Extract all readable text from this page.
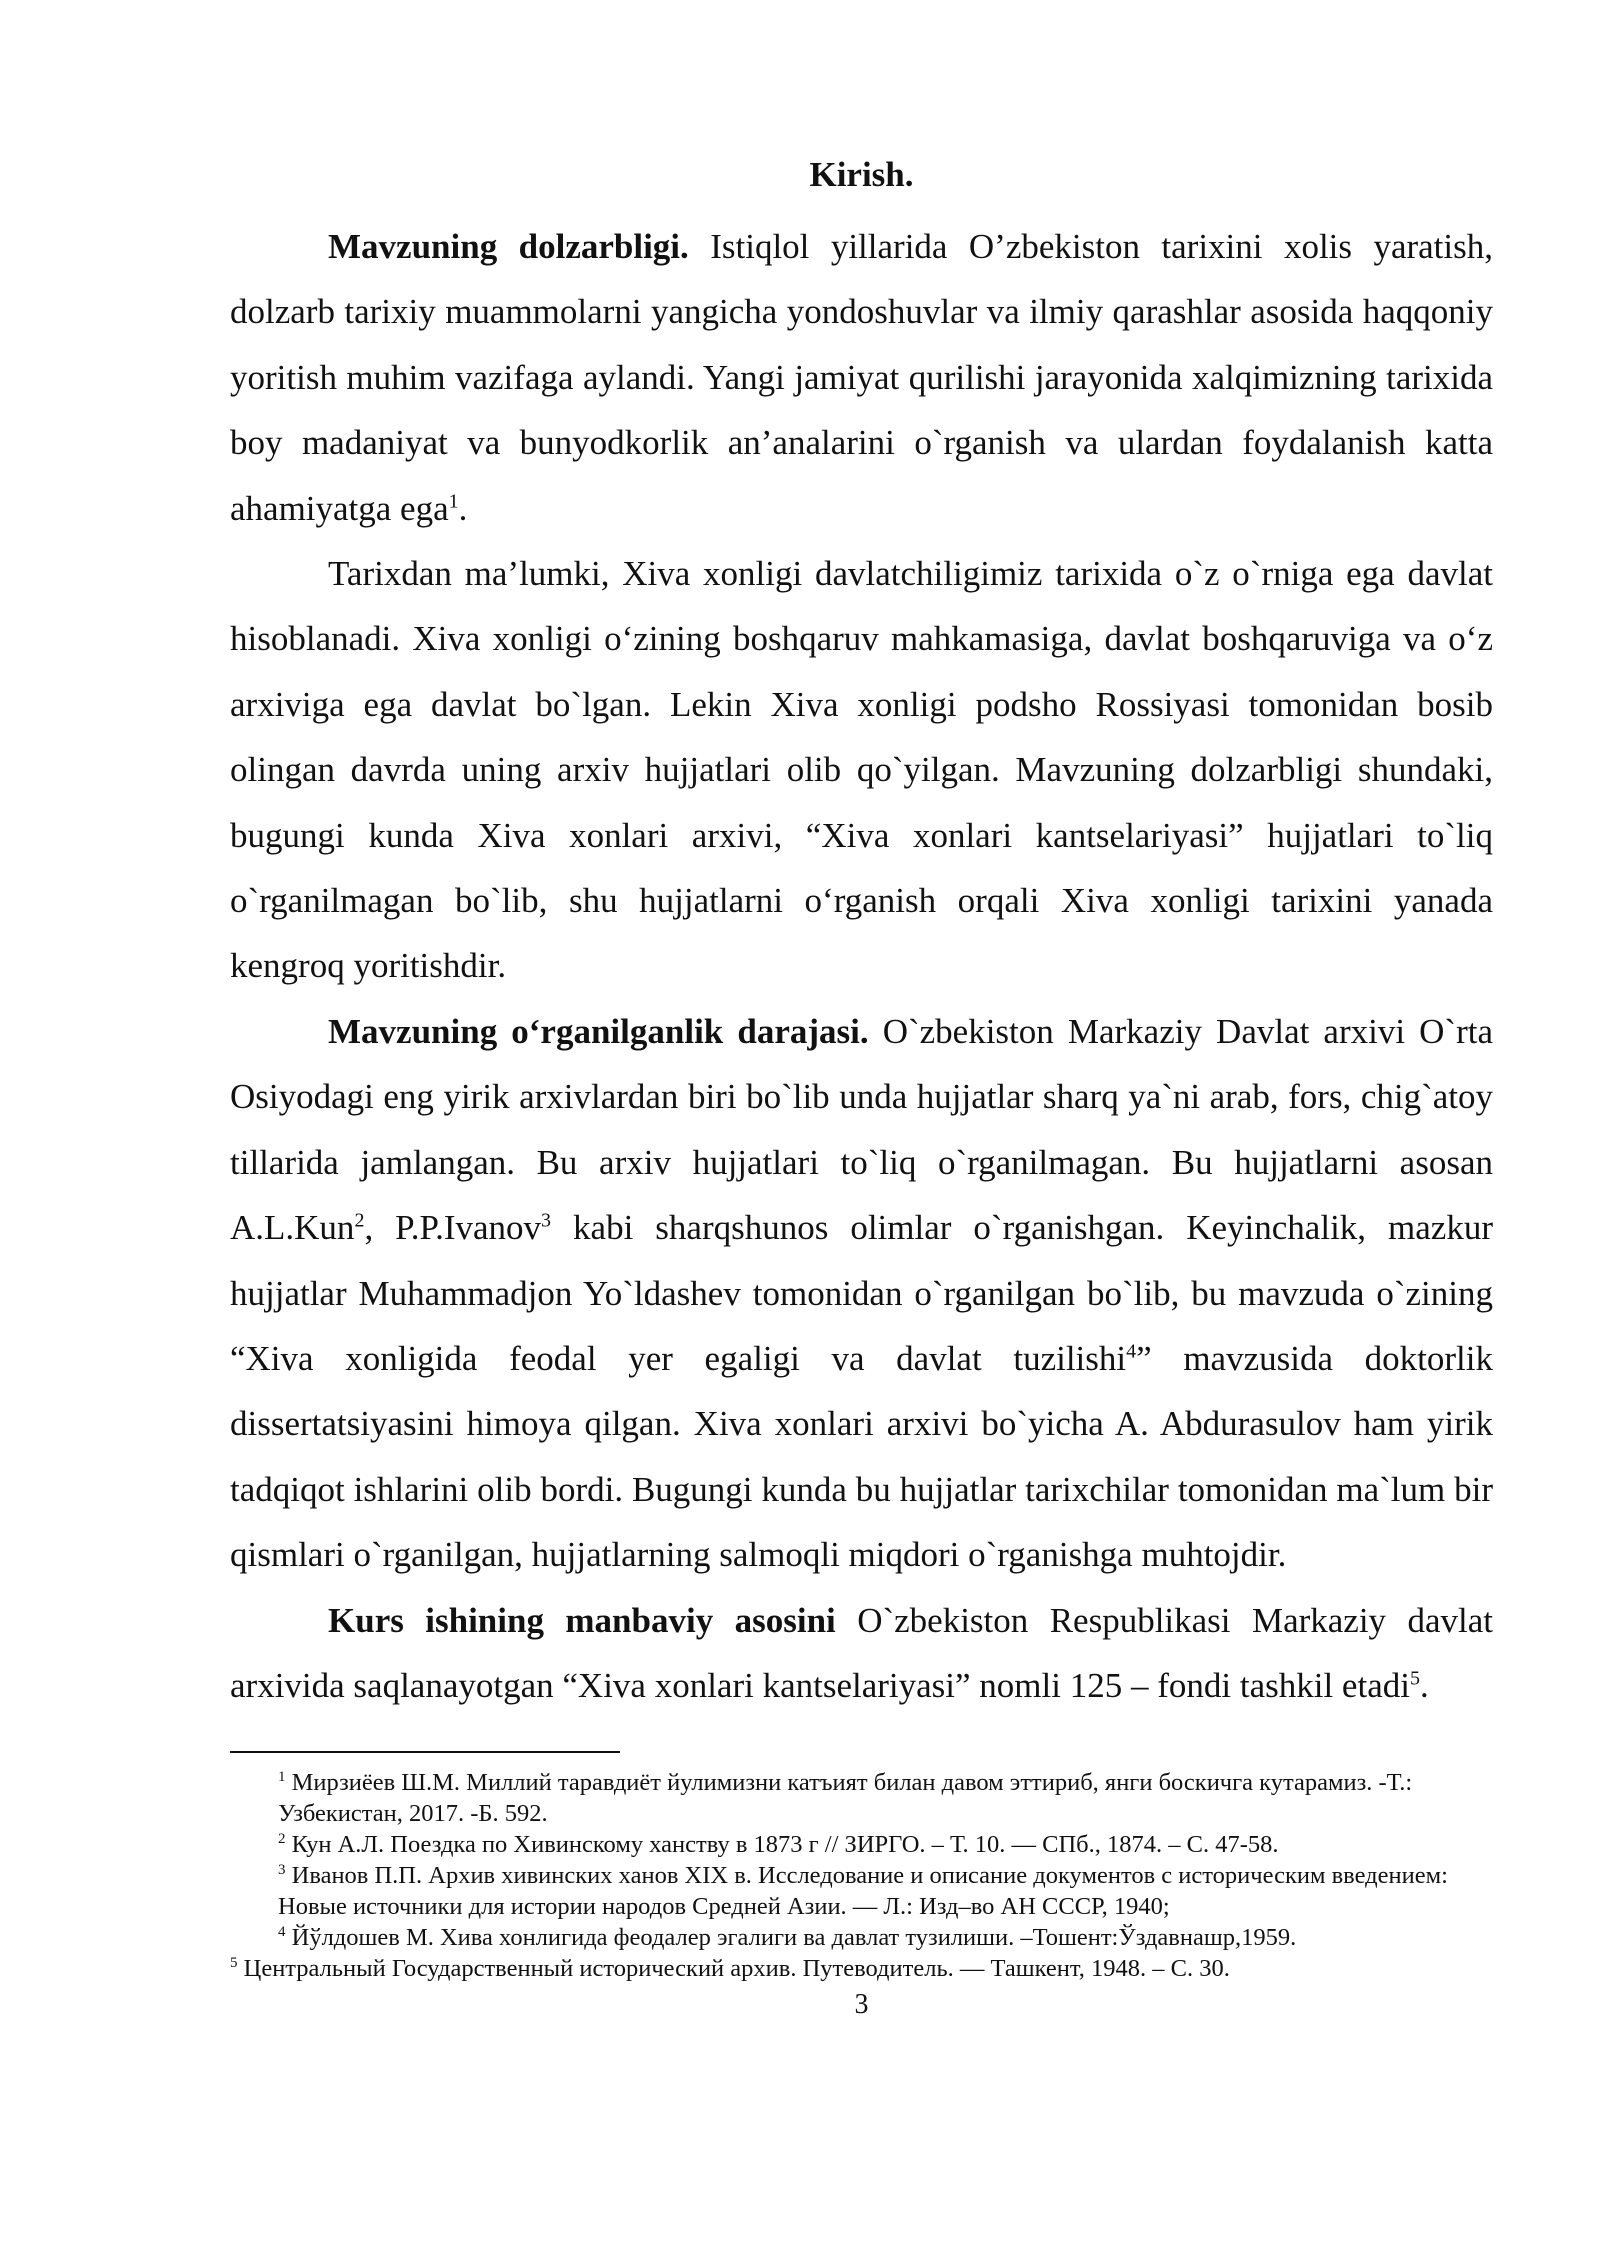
Kirish.

Mavzuning dolzarbligi. Istiqlol yillarida O’zbekiston tarixini xolis yaratish, dolzarb tarixiy muammolarni yangicha yondoshuvlar va ilmiy qarashlar asosida haqqoniy yoritish muhim vazifaga aylandi. Yangi jamiyat qurilishi jarayonida xalqimizning tarixida boy madaniyat va bunyodkorlik an’analarini o`rganish va ulardan foydalanish katta ahamiyatga ega$^1$.

Tarixdan ma’lumki, Xiva xonligi davlatchiligimiz tarixida o`z o`rniga ega davlat hisoblanadi. Xiva xonligi o‘zining boshqaruv mahkamasiga, davlat boshqaruviga va o‘z arxiviga ega davlat bo`lgan. Lekin Xiva xonligi podsho Rossiyasi tomonidan bosib olingan davrda uning arxiv hujjatlari olib qo`yilgan. Mavzuning dolzarbligi shundaki, bugungi kunda Xiva xonlari arxivi, “Xiva xonlari kantselariyasi” hujjatlari to`liq o`rganilmagan bo`lib, shu hujjatlarni o‘rganish orqali Xiva xonligi tarixini yanada kengroq yoritishdir.

Mavzuning o‘rganilganlik darajasi. O`zbekiston Markaziy Davlat arxivi O`rta Osiyodagi eng yirik arxivlardan biri bo`lib unda hujjatlar sharq ya`ni arab, fors, chig`atoy tillarida jamlangan. Bu arxiv hujjatlari to`liq o`rganilmagan. Bu hujjatlarni asosan A.L.Kun$^2$, P.P.Ivanov$^3$ kabi sharqshunos olimlar o`rganishgan. Keyinchalik, mazkur hujjatlar Muhammadjon Yo`ldashev tomonidan o`rganilgan bo`lib, bu mavzuda o`zining “Xiva xonligida feodal yer egaligi va davlat tuzilishi$^4$” mavzusida doktorlik dissertatsiyasini himoya qilgan. Xiva xonlari arxivi bo`yicha A. Abdurasulov ham yirik tadqiqot ishlarini olib bordi. Bugungi kunda bu hujjatlar tarixchilar tomonidan ma`lum bir qismlari o`rganilgan, hujjatlarning salmoqli miqdori o`rganishga muhtojdir.

Kurs ishining manbaviy asosini O`zbekiston Respublikasi Markaziy davlat arxivida saqlanayotgan “Xiva xonlari kantselariyasi” nomli 125 – fondi tashkil etadi$^5$.

$^1$ Мирзиёев Ш.М. Миллий таравдиёт йулимизни катъият билан давом эттириб, янги боскичга кутарамиз. -Т.: Узбекистан, 2017. -Б. 592.

$^2$ Кун А.Л. Поездка по Хивинскому ханству в 1873 г // ЗИРГО. – Т. 10. — СПб., 1874. – С. 47-58.

$^3$ Иванов П.П. Архив хивинских ханов XIX в. Исследование и описание документов с историческим введением: Новые источники для истории народов Средней Азии. — Л.: Изд–во АН СССР, 1940;

$^4$ Йўлдошев М. Хива хонлигида феодалер эгалиги ва давлат тузилиши. –Тошент:Ўздавнашр,1959.

$^5$ Центральный Государственный исторический архив. Путеводитель. — Ташкент, 1948. – С. 30.

3
